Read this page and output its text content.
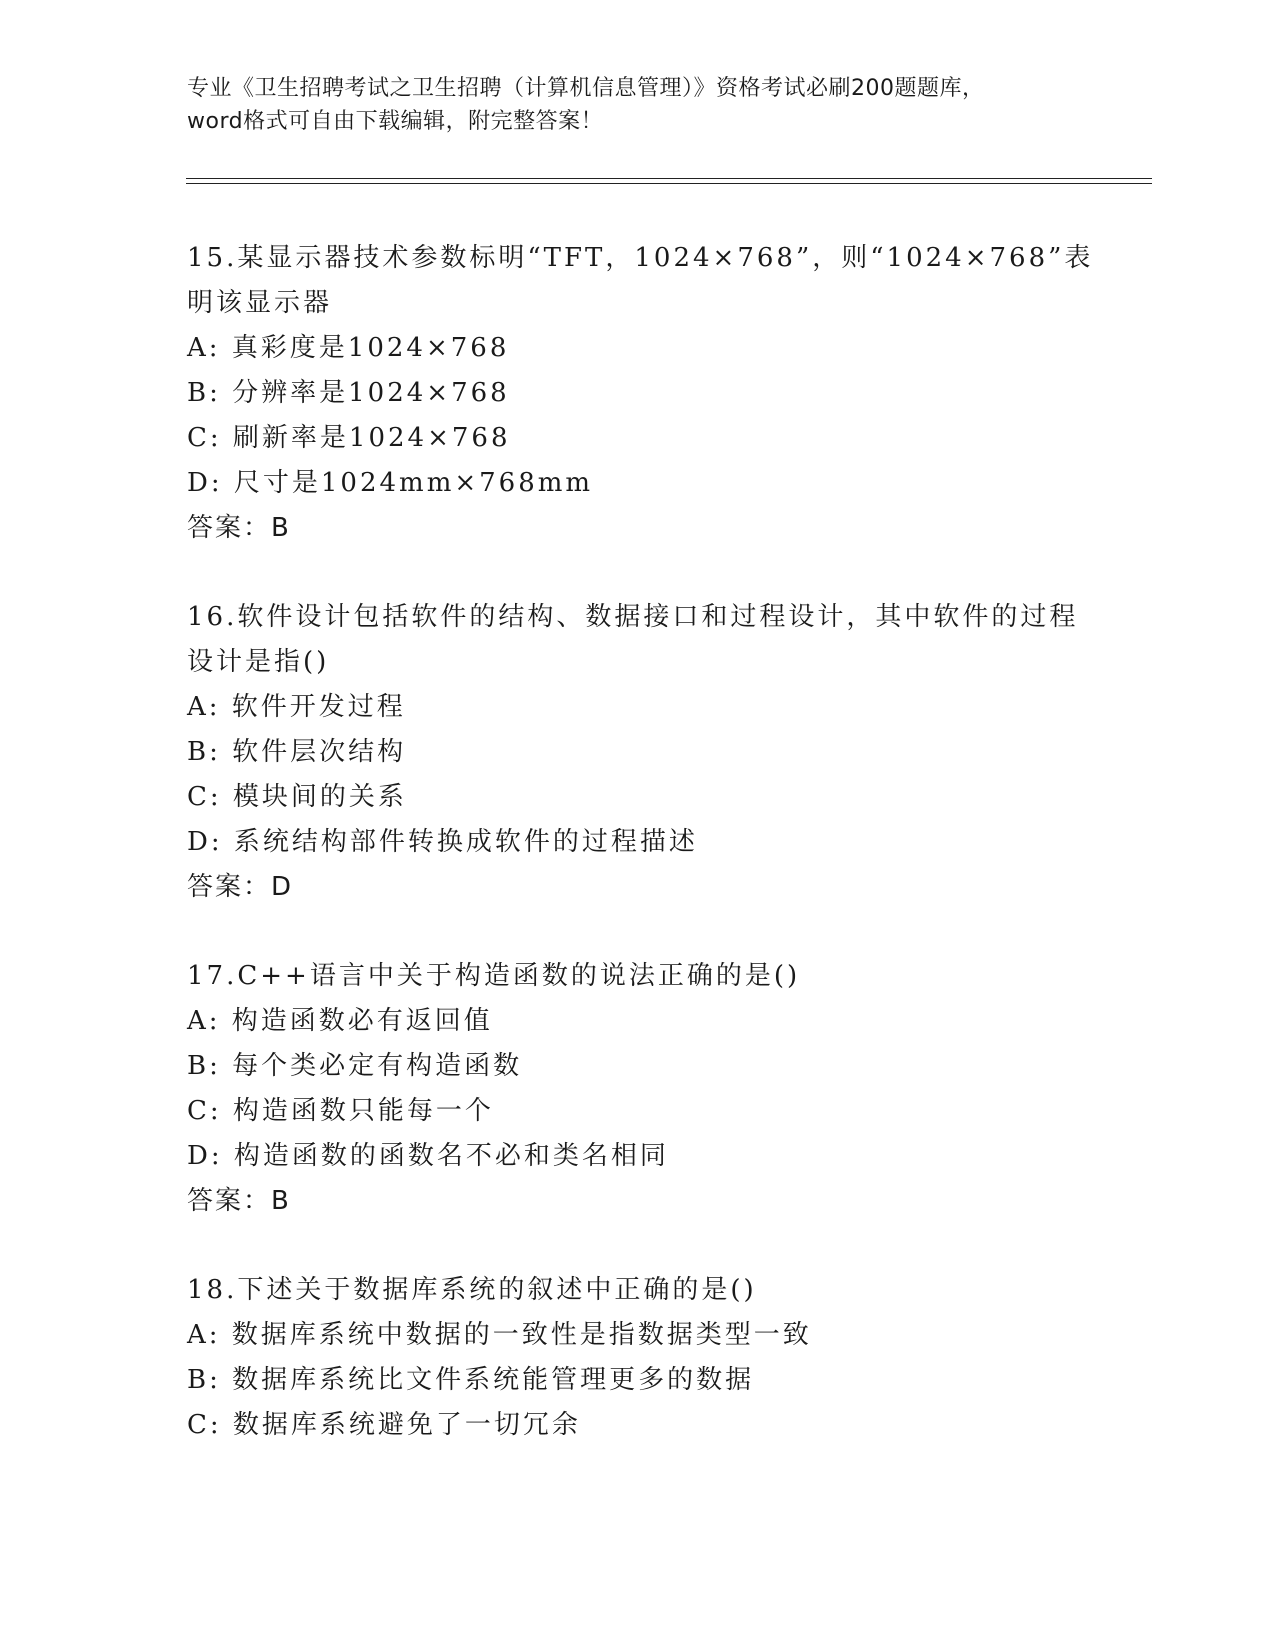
专业《卫生招聘考试之卫生招聘（计算机信息管理）》资格考试必刷200题题库，
word格式可自由下载编辑，附完整答案！
15.某显示器技术参数标明“TFT，1024×768”，则“1024×768”表明该显示器
A: 真彩度是1024×768
B: 分辨率是1024×768
C: 刷新率是1024×768
D: 尺寸是1024mm×768mm
答案：B
16.软件设计包括软件的结构、数据接口和过程设计，其中软件的过程设计是指()
A: 软件开发过程
B: 软件层次结构
C: 模块间的关系
D: 系统结构部件转换成软件的过程描述
答案：D
17.C++语言中关于构造函数的说法正确的是()
A: 构造函数必有返回值
B: 每个类必定有构造函数
C: 构造函数只能每一个
D: 构造函数的函数名不必和类名相同
答案：B
18.下述关于数据库系统的叙述中正确的是()
A: 数据库系统中数据的一致性是指数据类型一致
B: 数据库系统比文件系统能管理更多的数据
C: 数据库系统避免了一切冗余
